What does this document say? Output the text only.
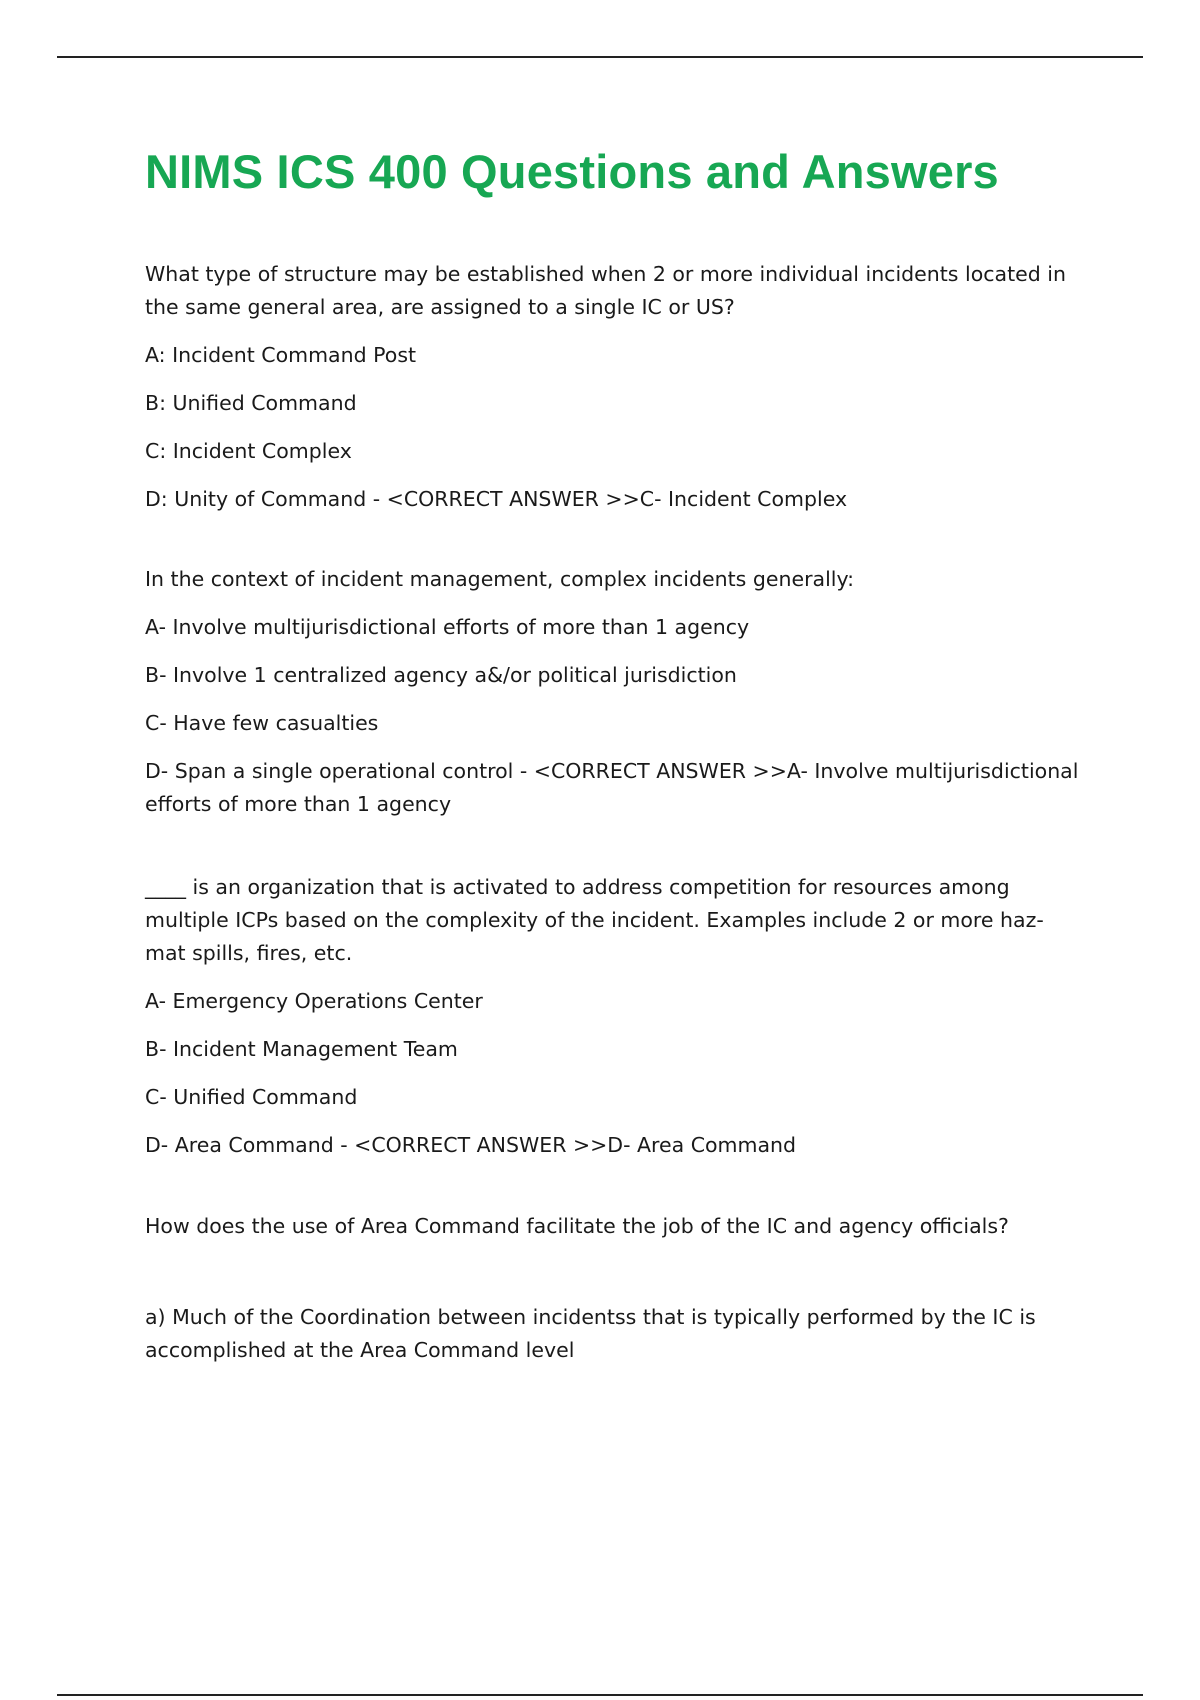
NIMS ICS 400 Questions and Answers

What type of structure may be established when 2 or more individual incidents located in the same general area, are assigned to a single IC or US?

A: Incident Command Post

B: Unified Command

C: Incident Complex

D: Unity of Command - <CORRECT ANSWER >>C- Incident Complex

In the context of incident management, complex incidents generally:

A- Involve multijurisdictional efforts of more than 1 agency

B- Involve 1 centralized agency a&/or political jurisdiction

C- Have few casualties

D- Span a single operational control - <CORRECT ANSWER >>A- Involve multijurisdictional efforts of more than 1 agency

____ is an organization that is activated to address competition for resources among multiple ICPs based on the complexity of the incident. Examples include 2 or more haz-mat spills, fires, etc.

A- Emergency Operations Center

B- Incident Management Team

C- Unified Command

D- Area Command - <CORRECT ANSWER >>D- Area Command

How does the use of Area Command facilitate the job of the IC and agency officials?

a) Much of the Coordination between incidentss that is typically performed by the IC is accomplished at the Area Command level
